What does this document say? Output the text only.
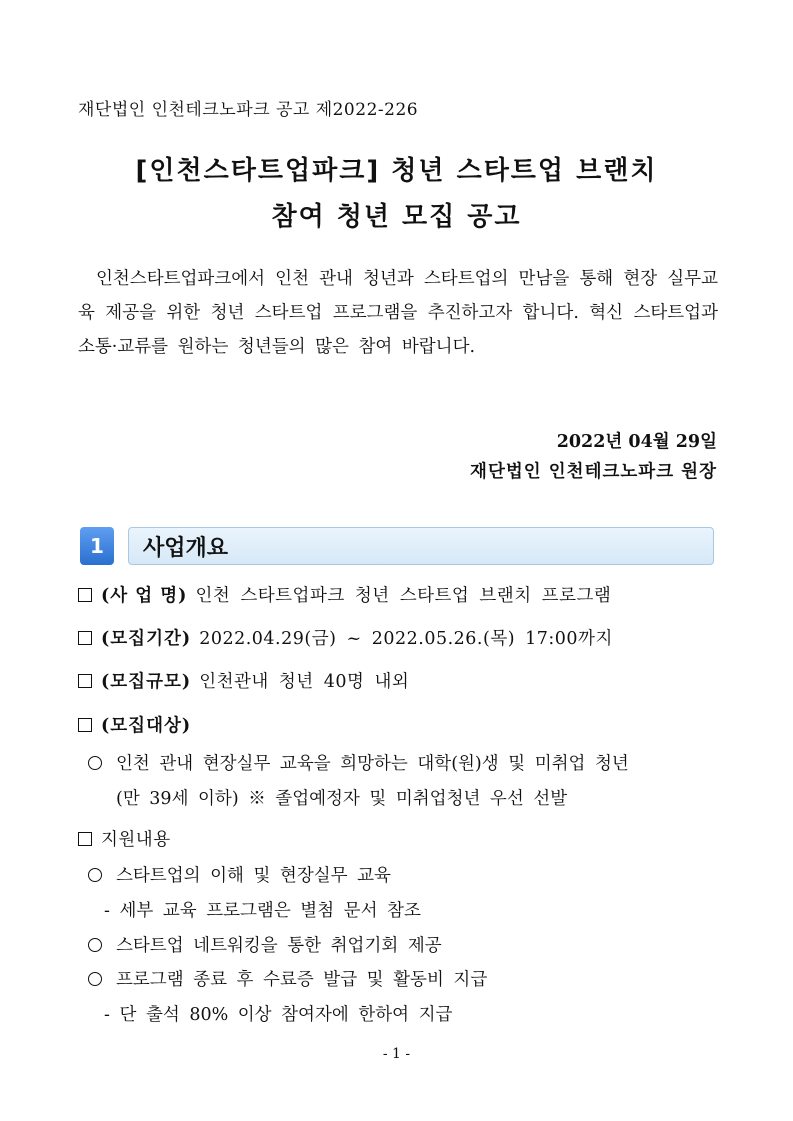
재단법인 인천테크노파크 공고 제2022-226
[인천스타트업파크] 청년 스타트업 브랜치
참여 청년 모집 공고
인천스타트업파크에서 인천 관내 청년과 스타트업의 만남을 통해 현장 실무교육 제공을 위한 청년 스타트업 프로그램을 추진하고자 합니다. 혁신 스타트업과 소통·교류를 원하는 청년들의 많은 참여 바랍니다.
2022년 04월 29일
재단법인 인천테크노파크 원장
1	사업개요
(사 업 명) 인천 스타트업파크 청년 스타트업 브랜치 프로그램
(모집기간) 2022.04.29(금) ~ 2022.05.26.(목) 17:00까지
(모집규모) 인천관내 청년 40명 내외
(모집대상)
인천 관내 현장실무 교육을 희망하는 대학(원)생 및 미취업 청년
(만 39세 이하) ※ 졸업예정자 및 미취업청년 우선 선발
지원내용
스타트업의 이해 및 현장실무 교육
- 세부 교육 프로그램은 별첨 문서 참조
스타트업 네트워킹을 통한 취업기회 제공
프로그램 종료 후 수료증 발급 및 활동비 지급
- 단 출석 80% 이상 참여자에 한하여 지급
- 1 -
